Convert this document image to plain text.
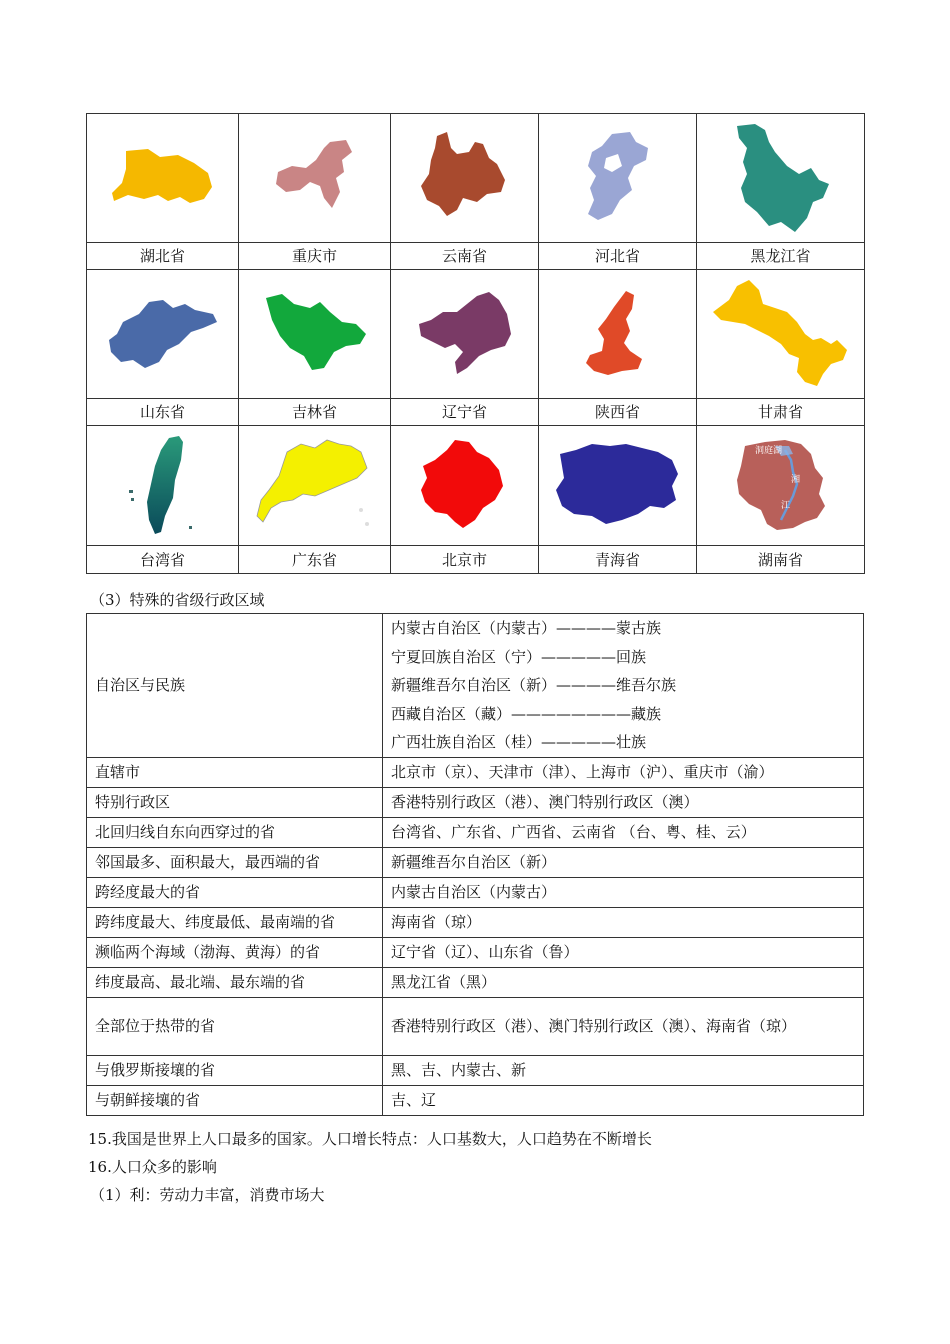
湖北省	重庆市	云南省	河北省	黑龙江省

山东省	吉林省	辽宁省	陕西省	甘肃省

洞庭湖
湘
江

台湾省	广东省	北京市	青海省	湖南省
（3）特殊的省级行政区域
自治区与民族	内蒙古自治区（内蒙古）————蒙古族
宁夏回族自治区（宁）—————回族
新疆维吾尔自治区（新）————维吾尔族
西藏自治区（藏）————————藏族
广西壮族自治区（桂）—————壮族

直辖市	北京市（京）、天津市（津）、上海市（沪）、重庆市（渝）
特别行政区	香港特别行政区（港）、澳门特别行政区（澳）
北回归线自东向西穿过的省	台湾省、广东省、广西省、云南省 （台、粤、桂、云）
邻国最多、面积最大，最西端的省	新疆维吾尔自治区（新）
跨经度最大的省	内蒙古自治区（内蒙古）
跨纬度最大、纬度最低、最南端的省	海南省（琼）
濒临两个海域（渤海、黄海）的省	辽宁省（辽）、山东省（鲁）
纬度最高、最北端、最东端的省	黑龙江省（黑）
全部位于热带的省	香港特别行政区（港）、澳门特别行政区（澳）、海南省（琼）
与俄罗斯接壤的省	黑、吉、内蒙古、新
与朝鲜接壤的省	吉、辽
15.我国是世界上人口最多的国家。人口增长特点：人口基数大，人口趋势在不断增长
16.人口众多的影响
（1）利：劳动力丰富，消费市场大
